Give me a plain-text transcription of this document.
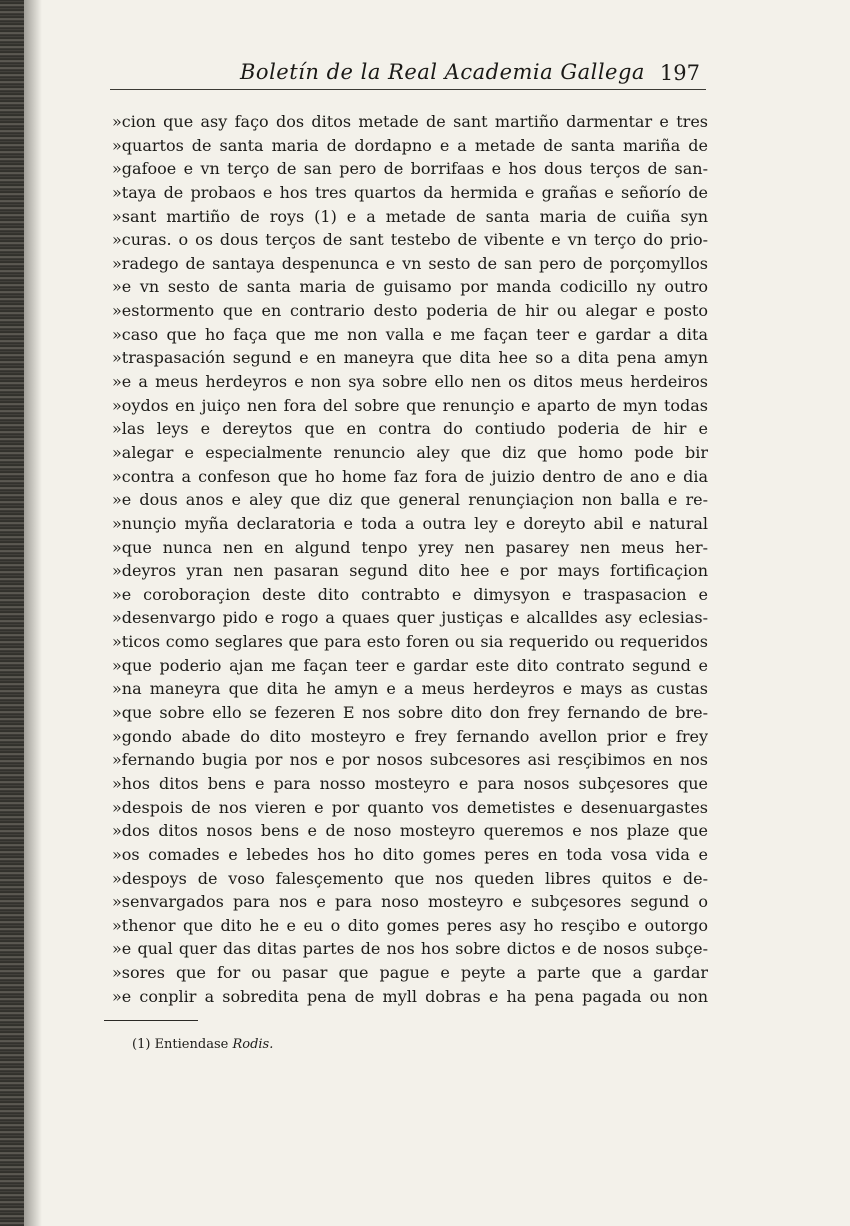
Boletín de la Real Academia Gallega 197
»cion que asy faço dos ditos metade de sant martiño darmentar e tres
»quartos de santa maria de dordapno e a metade de santa mariña de
»gafooe e vn terço de san pero de borrifaas e hos dous terços de san-
»taya de probaos e hos tres quartos da hermida e grañas e señorío de
»sant martiño de roys (1) e a metade de santa maria de cuiña syn
»curas. o os dous terços de sant testebo de vibente e vn terço do prio-
»radego de santaya despenunca e vn sesto de san pero de porçomyllos
»e vn sesto de santa maria de guisamo por manda codicillo ny outro
»estormento que en contrario desto poderia de hir ou alegar e posto
»caso que ho faça que me non valla e me façan teer e gardar a dita
»traspasación segund e en maneyra que dita hee so a dita pena amyn
»e a meus herdeyros e non sya sobre ello nen os ditos meus herdeiros
»oydos en juiço nen fora del sobre que renunçio e aparto de myn todas
»las leys e dereytos que en contra do contiudo poderia de hir e
»alegar e especialmente renuncio aley que diz que homo pode bir
»contra a confeson que ho home faz fora de juizio dentro de ano e dia
»e dous anos e aley que diz que general renunçiaçion non balla e re-
»nunçio myña declaratoria e toda a outra ley e doreyto abil e natural
»que nunca nen en algund tenpo yrey nen pasarey nen meus her-
»deyros yran nen pasaran segund dito hee e por mays fortificaçion
»e coroboraçion deste dito contrabto e dimysyon e traspasacion e
»desenvargo pido e rogo a quaes quer justiças e alcalldes asy eclesias-
»ticos como seglares que para esto foren ou sia requerido ou requeridos
»que poderio ajan me façan teer e gardar este dito contrato segund e
»na maneyra que dita he amyn e a meus herdeyros e mays as custas
»que sobre ello se fezeren E nos sobre dito don frey fernando de bre-
»gondo abade do dito mosteyro e frey fernando avellon prior e frey
»fernando bugia por nos e por nosos subcesores asi resçibimos en nos
»hos ditos bens e para nosso mosteyro e para nosos subçesores que
»despois de nos vieren e por quanto vos demetistes e desenuargastes
»dos ditos nosos bens e de noso mosteyro queremos e nos plaze que
»os comades e lebedes hos ho dito gomes peres en toda vosa vida e
»despoys de voso falesçemento que nos queden libres quitos e de-
»senvargados para nos e para noso mosteyro e subçesores segund o
»thenor que dito he e eu o dito gomes peres asy ho resçibo e outorgo
»e qual quer das ditas partes de nos hos sobre dictos e de nosos subçe-
»sores que for ou pasar que pague e peyte a parte que a gardar
»e conplir a sobredita pena de myll dobras e ha pena pagada ou non
(1) Entiendase Rodis.
